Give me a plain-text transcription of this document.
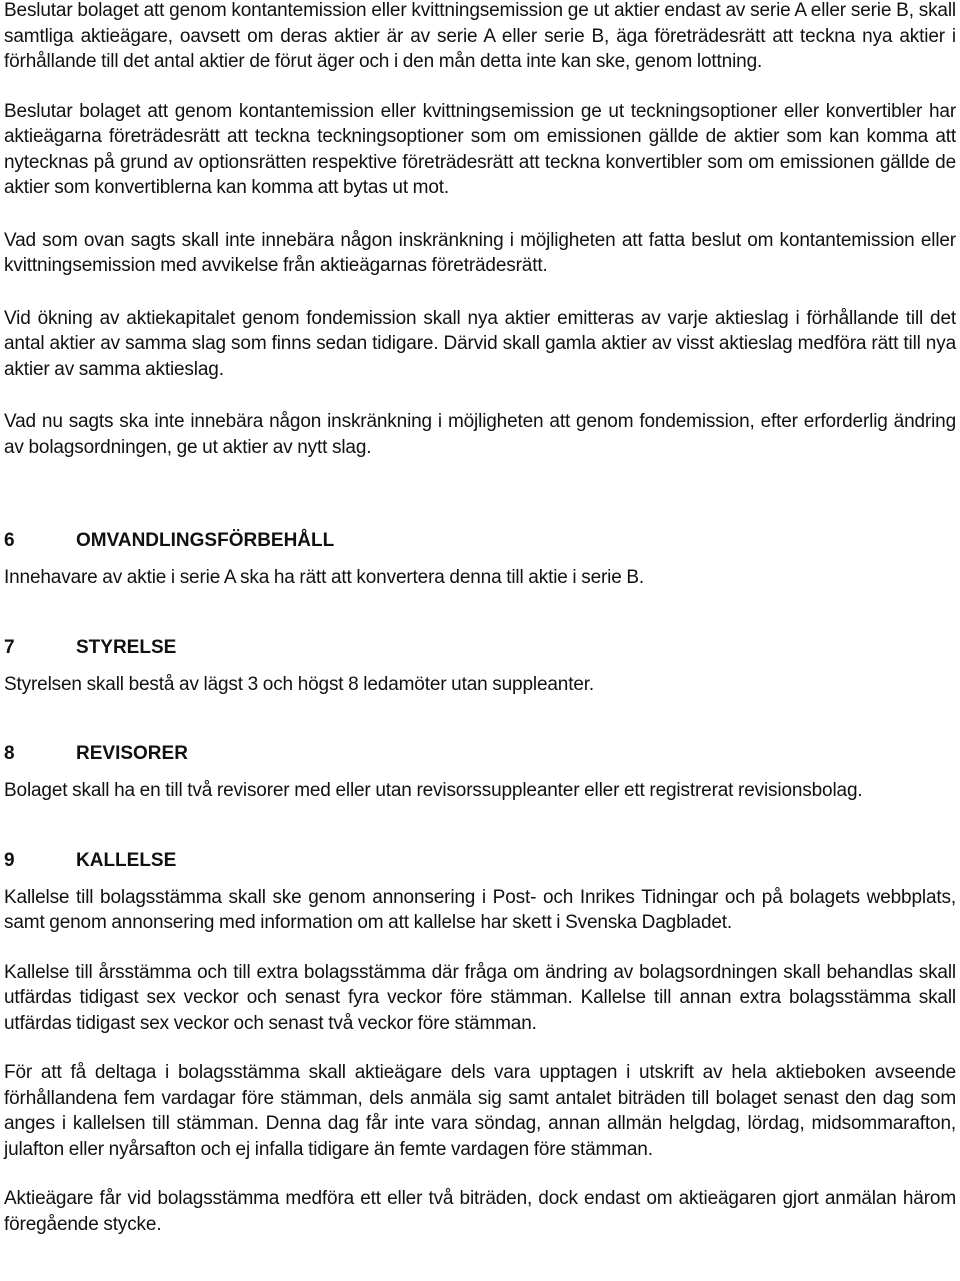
Beslutar bolaget att genom kontantemission eller kvittningsemission ge ut aktier endast av serie A eller serie B, skall samtliga aktieägare, oavsett om deras aktier är av serie A eller serie B, äga företrädesrätt att teckna nya aktier i förhållande till det antal aktier de förut äger och i den mån detta inte kan ske, genom lottning.

Beslutar bolaget att genom kontantemission eller kvittningsemission ge ut teckningsoptioner eller konvertibler har aktieägarna företrädesrätt att teckna teckningsoptioner som om emissionen gällde de aktier som kan komma att nytecknas på grund av optionsrätten respektive företrädesrätt att teckna konvertibler som om emissionen gällde de aktier som konvertiblerna kan komma att bytas ut mot.

Vad som ovan sagts skall inte innebära någon inskränkning i möjligheten att fatta beslut om kontantemission eller kvittningsemission med avvikelse från aktieägarnas företrädesrätt.

Vid ökning av aktiekapitalet genom fondemission skall nya aktier emitteras av varje aktieslag i förhållande till det antal aktier av samma slag som finns sedan tidigare. Därvid skall gamla aktier av visst aktieslag medföra rätt till nya aktier av samma aktieslag.

Vad nu sagts ska inte innebära någon inskränkning i möjligheten att genom fondemission, efter erforderlig ändring av bolagsordningen, ge ut aktier av nytt slag.

6	OMVANDLINGSFÖRBEHÅLL

Innehavare av aktie i serie A ska ha rätt att konvertera denna till aktie i serie B.

7	STYRELSE

Styrelsen skall bestå av lägst 3 och högst 8 ledamöter utan suppleanter.

8	REVISORER

Bolaget skall ha en till två revisorer med eller utan revisorssuppleanter eller ett registrerat revisionsbolag.

9	KALLELSE

Kallelse till bolagsstämma skall ske genom annonsering i Post- och Inrikes Tidningar och på bolagets webbplats, samt genom annonsering med information om att kallelse har skett i Svenska Dagbladet.

Kallelse till årsstämma och till extra bolagsstämma där fråga om ändring av bolagsordningen skall behandlas skall utfärdas tidigast sex veckor och senast fyra veckor före stämman. Kallelse till annan extra bolagsstämma skall utfärdas tidigast sex veckor och senast två veckor före stämman.

För att få deltaga i bolagsstämma skall aktieägare dels vara upptagen i utskrift av hela aktieboken avseende förhållandena fem vardagar före stämman, dels anmäla sig samt antalet biträden till bolaget senast den dag som anges i kallelsen till stämman. Denna dag får inte vara söndag, annan allmän helgdag, lördag, midsommarafton, julafton eller nyårsafton och ej infalla tidigare än femte vardagen före stämman.

Aktieägare får vid bolagsstämma medföra ett eller två biträden, dock endast om aktieägaren gjort anmälan härom föregående stycke.
